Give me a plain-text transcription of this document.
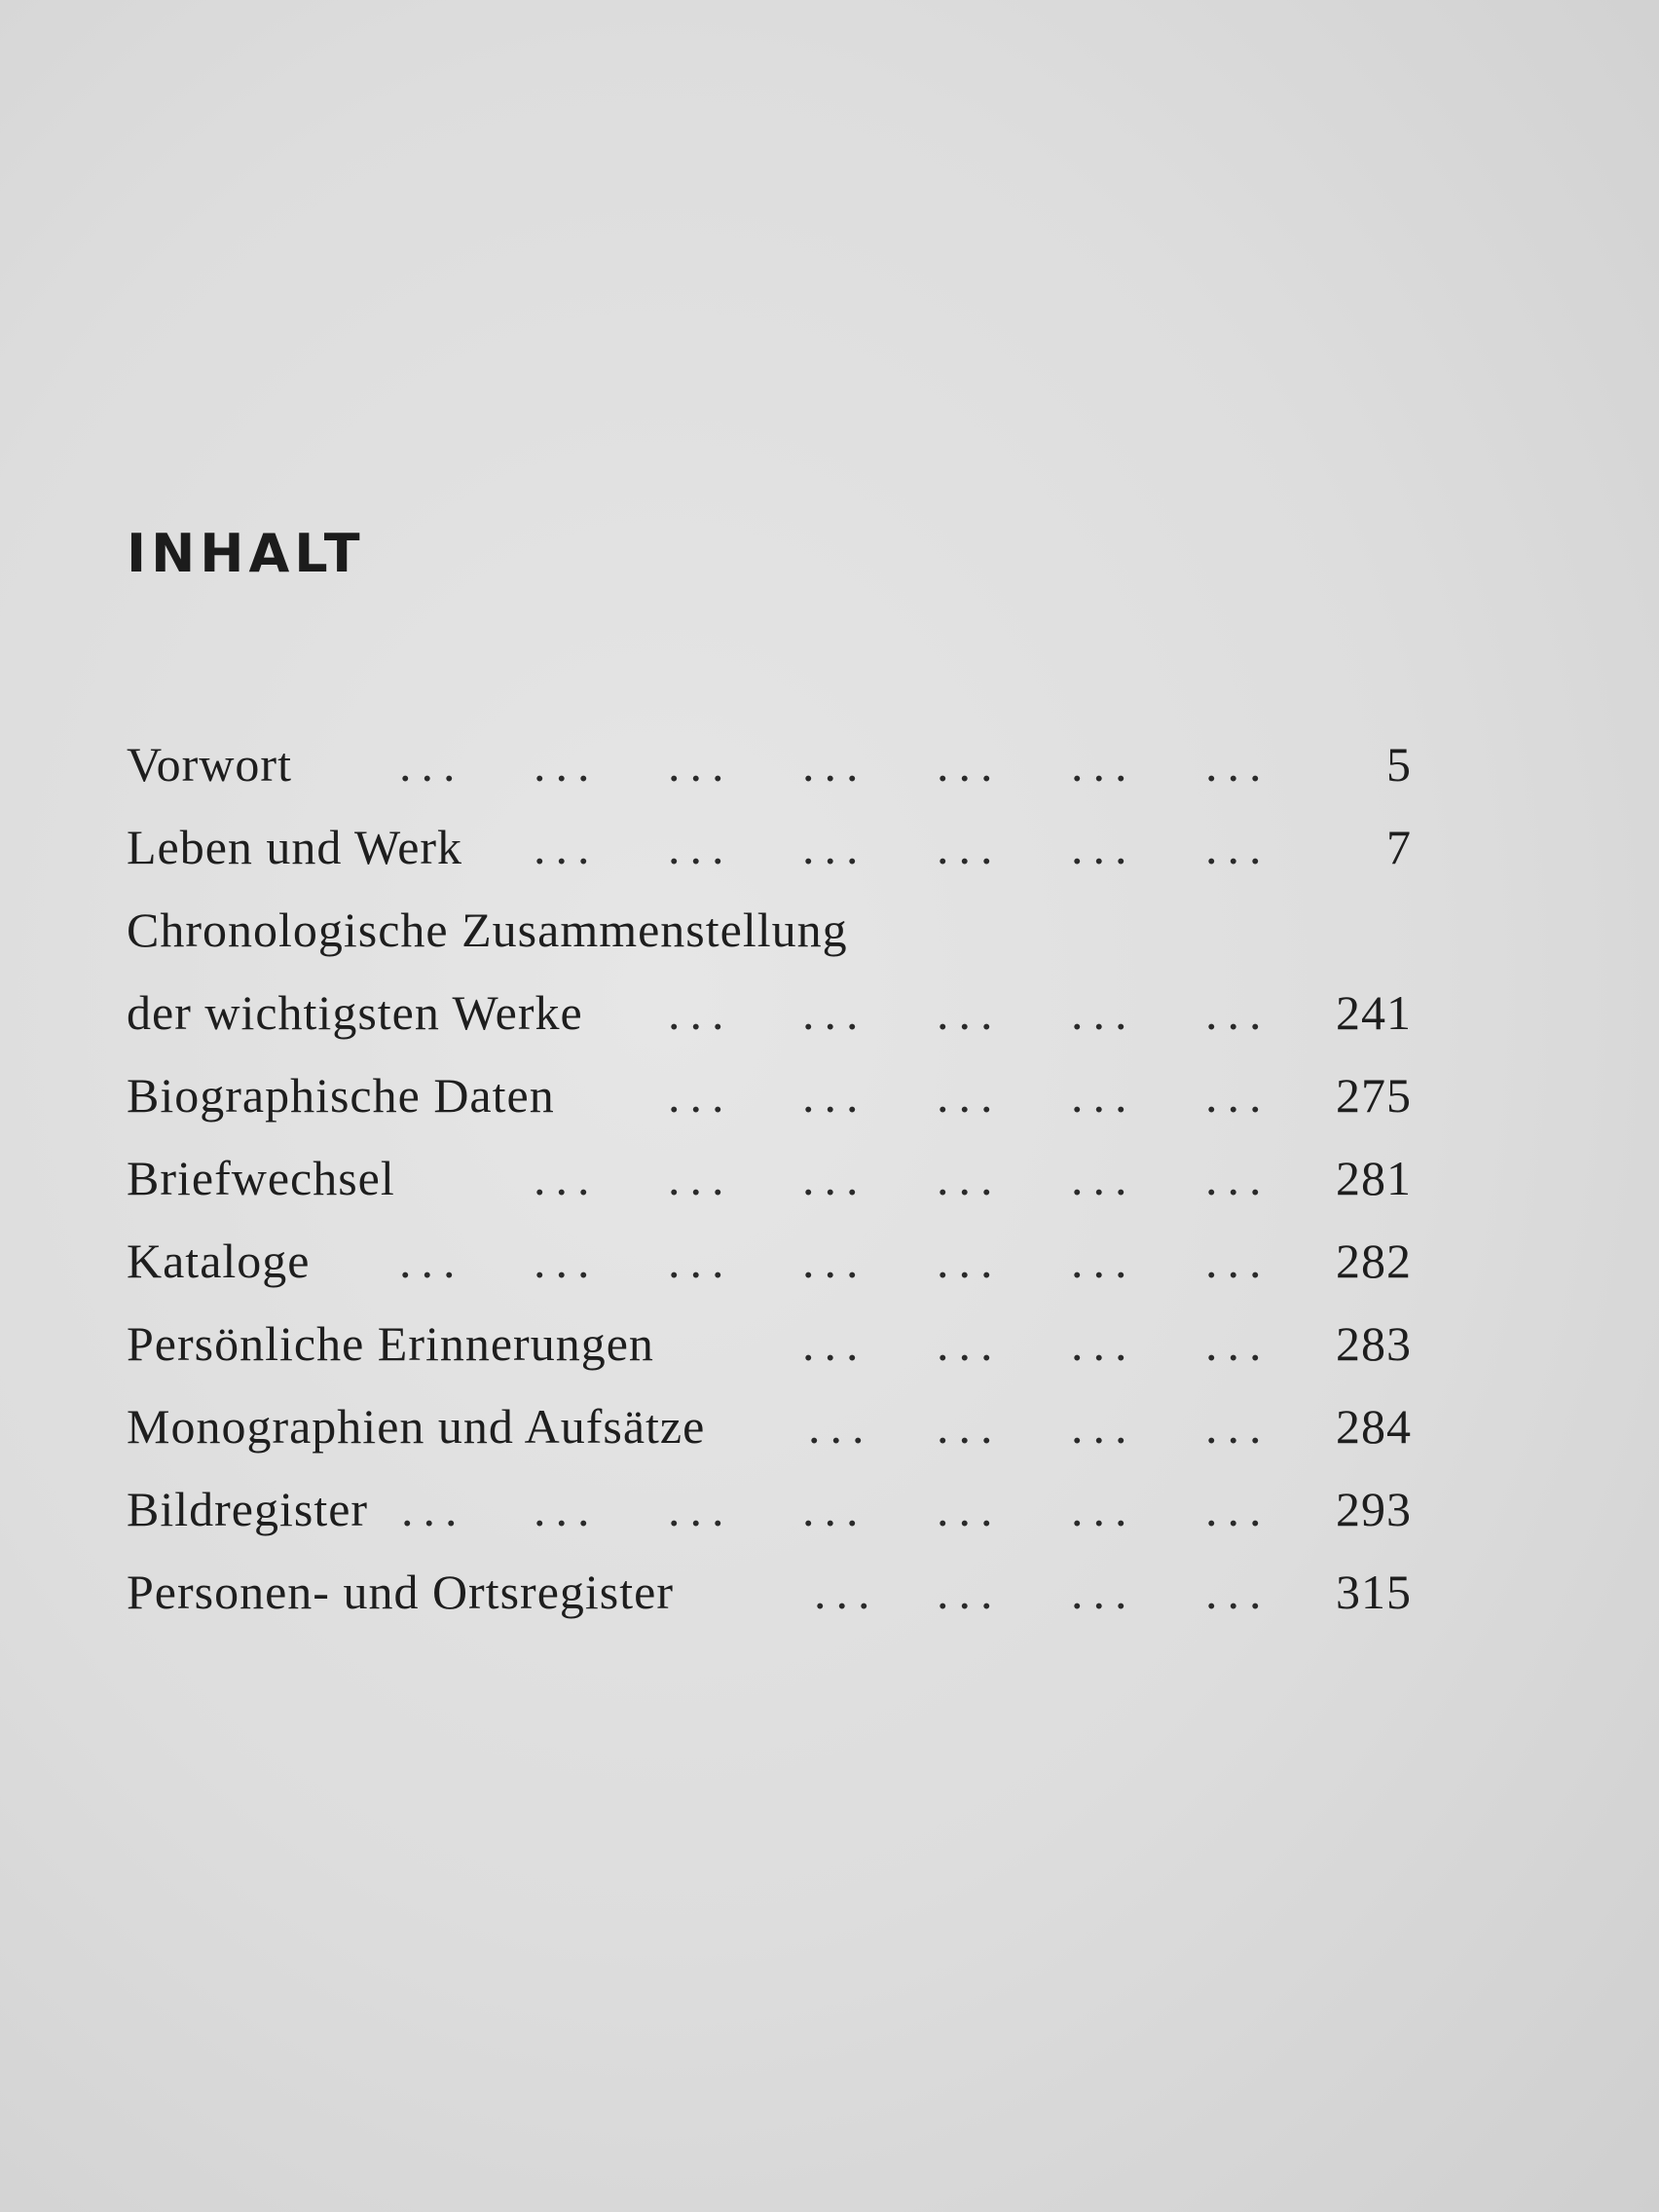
INHALT
Vorwort ... ... ... ... ... ... ... 5
Leben und Werk ... ... ... ... ... ... 7
Chronologische Zusammenstellung
der wichtigsten Werke ... ... ... ... ... 241
Biographische Daten ... ... ... ... ... 275
Briefwechsel	... ... ... ... ... ... 281
Kataloge ... ... ... ... ... ... ... 282
Persönliche Erinnerungen	... ... ... ... 283
Monographien und Aufsätze ... ... ... ... 284
Bildregister ... ... ... ... ... ... ... 293
Personen- und Ortsregister	... ... ... ... 315
